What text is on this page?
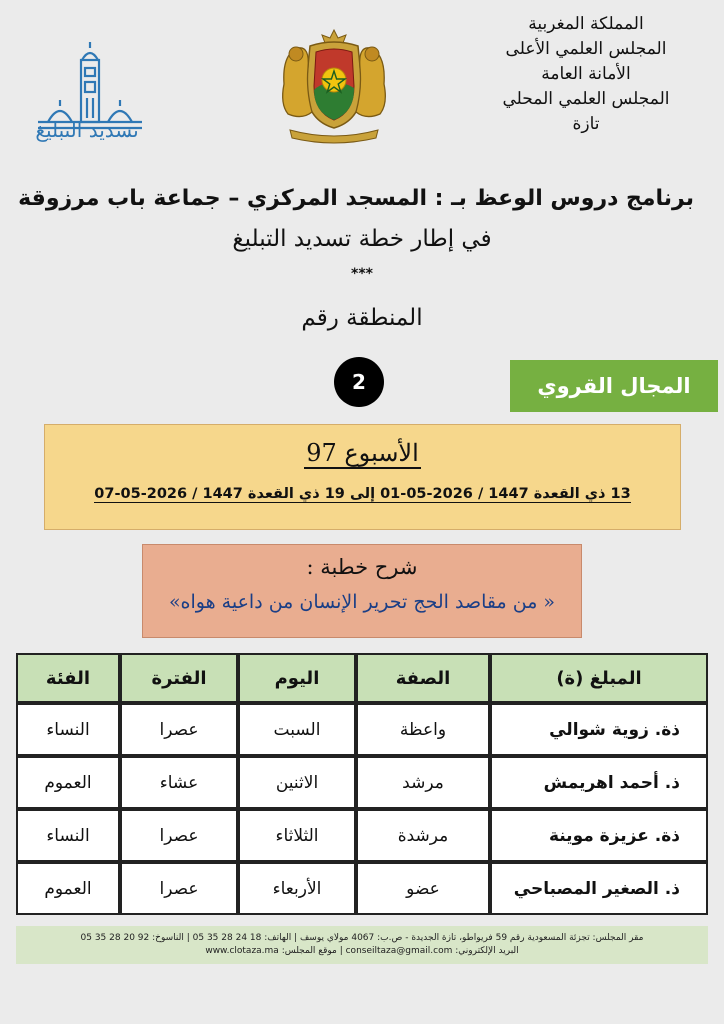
تسديد التبليغ
المملكة المغربية
المجلس العلمي الأعلى
الأمانة العامة
المجلس العلمي المحلي
تازة
برنامج دروس الوعظ بـ : المسجد المركزي – جماعة باب مرزوقة
في إطار خطة تسديد التبليغ
***
المنطقة رقم
2	المجال القروي
الأسبوع 97
13 ذي القعدة 1447 / 2026-05-01 إلى 19 ذي القعدة 1447 / 2026-05-07
شرح خطبة :
« من مقاصد الحج تحرير الإنسان من داعية هواه»
المبلغ (ة)	الصفة	اليوم	الفترة	الفئة
ذة. زوية شوالي	واعظة	السبت	عصرا	النساء
ذ. أحمد اهريمش	مرشد	الاثنين	عشاء	العموم
ذة. عزيزة موينة	مرشدة	الثلاثاء	عصرا	النساء
ذ. الصغير المصباحي	عضو	الأربعاء	عصرا	العموم
مقر المجلس: تجزئة المسعودية رقم 59 فريواطو، تازة الجديدة - ص.ب: 4067 مولاي يوسف | الهاتف: 18 24 28 35 05 | الناسوخ: 92 20 28 35 05
البريد الإلكتروني: conseiltaza@gmail.com | موقع المجلس: www.clotaza.ma
